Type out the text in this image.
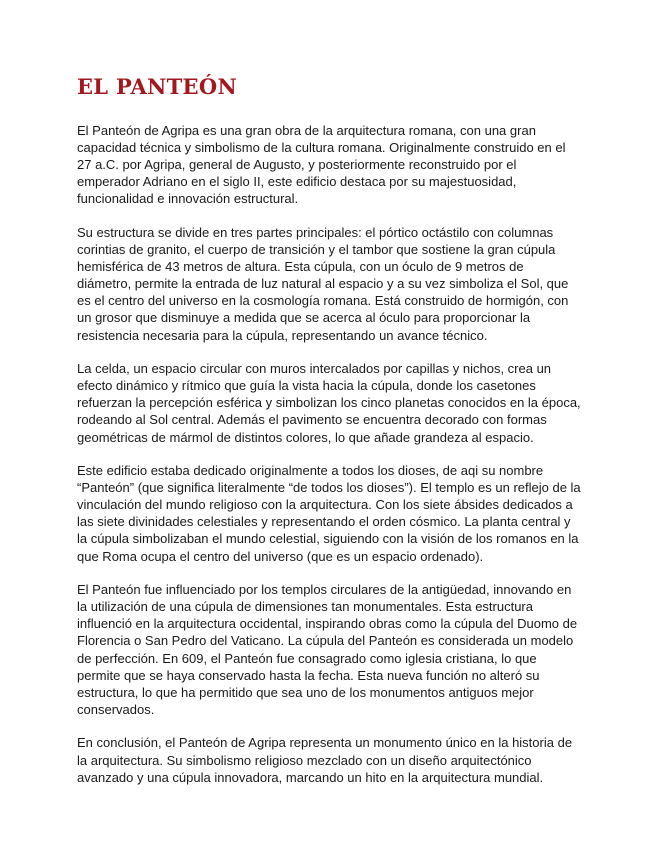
EL PANTEÓN

El Panteón de Agripa es una gran obra de la arquitectura romana, con una gran capacidad técnica y simbolismo de la cultura romana. Originalmente construido en el 27 a.C. por Agripa, general de Augusto, y posteriormente reconstruido por el emperador Adriano en el siglo II, este edificio destaca por su majestuosidad, funcionalidad e innovación estructural.

Su estructura se divide en tres partes principales: el pórtico octástilo con columnas corintias de granito, el cuerpo de transición y el tambor que sostiene la gran cúpula hemisférica de 43 metros de altura. Esta cúpula, con un óculo de 9 metros de diámetro, permite la entrada de luz natural al espacio y a su vez simboliza el Sol, que es el centro del universo en la cosmología romana. Está construido de hormigón, con un grosor que disminuye a medida que se acerca al óculo para proporcionar la resistencia necesaria para la cúpula, representando un avance técnico.

La celda, un espacio circular con muros intercalados por capillas y nichos, crea un efecto dinámico y rítmico que guía la vista hacia la cúpula, donde los casetones refuerzan la percepción esférica y simbolizan los cinco planetas conocidos en la época, rodeando al Sol central. Además el pavimento se encuentra decorado con formas geométricas de mármol de distintos colores, lo que añade grandeza al espacio.

Este edificio estaba dedicado originalmente a todos los dioses, de aqi su nombre “Panteón” (que significa literalmente “de todos los dioses”). El templo es un reflejo de la vinculación del mundo religioso con la arquitectura. Con los siete ábsides dedicados a las siete divinidades celestiales y representando el orden cósmico. La planta central y la cúpula simbolizaban el mundo celestial, siguiendo con la visión de los romanos en la que Roma ocupa el centro del universo (que es un espacio ordenado).

El Panteón fue influenciado por los templos circulares de la antigüedad, innovando en la utilización de una cúpula de dimensiones tan monumentales. Esta estructura influenció en la arquitectura occidental, inspirando obras como la cúpula del Duomo de Florencia o San Pedro del Vaticano. La cúpula del Panteón es considerada un modelo de perfección. En 609, el Panteón fue consagrado como iglesia cristiana, lo que permite que se haya conservado hasta la fecha. Esta nueva función no alteró su estructura, lo que ha permitido que sea uno de los monumentos antiguos mejor conservados.

En conclusión, el Panteón de Agripa representa un monumento único en la historia de la arquitectura. Su simbolismo religioso mezclado con un diseño arquitectónico avanzado y una cúpula innovadora, marcando un hito en la arquitectura mundial.
